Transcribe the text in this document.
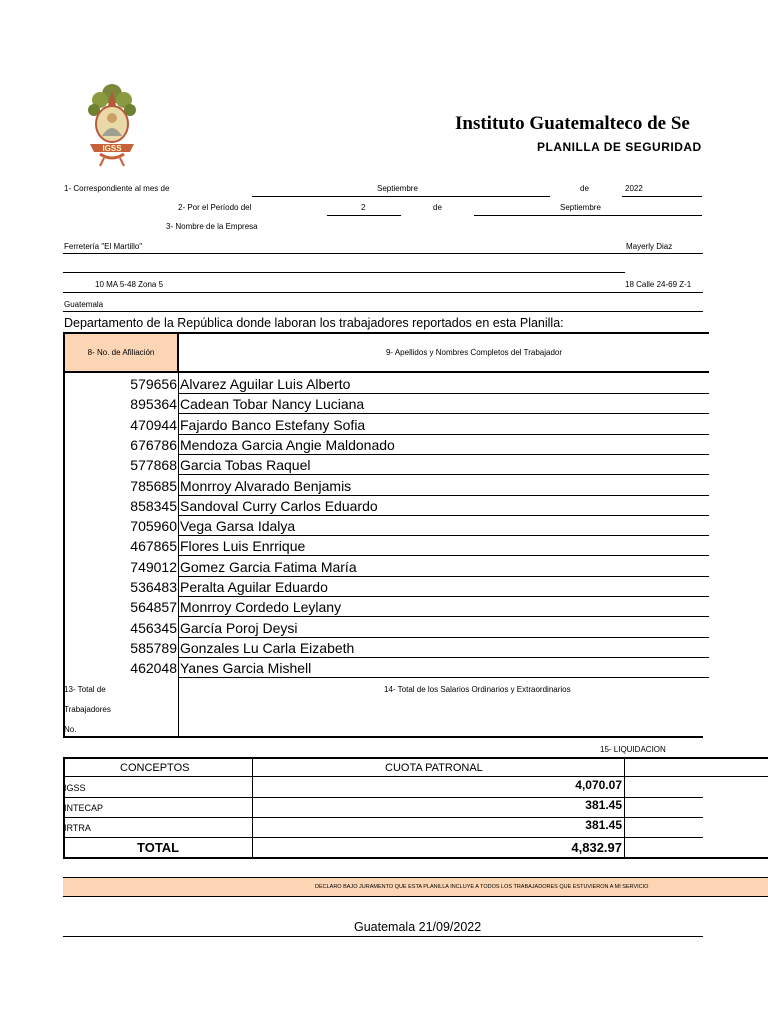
IGSS
Instituto Guatemalteco de Se
PLANILLA DE SEGURIDAD
1- Correspondiente al mes de	Septiembre	de	2022
2- Por el Período del	2	de	Septiembre
3- Nombre de la Empresa
Ferretería "El Martillo"	Mayerly Diaz
10 MA 5-48 Zona 5	18 Calle 24-69 Z-1
Guatemala
Departamento de la República donde laboran los trabajadores reportados en esta Planilla:
8- No. de Afiliación	9- Apellidos y Nombres Completos del Trabajador
579656 Alvarez Aguilar Luis Alberto
895364 Cadean Tobar Nancy Luciana
470944 Fajardo Banco Estefany Sofia
676786 Mendoza Garcia Angie Maldonado
577868 Garcia Tobas Raquel
785685 Monrroy Alvarado Benjamis
858345 Sandoval Curry Carlos Eduardo
705960 Vega Garsa Idalya
467865 Flores Luis Enrrique
749012 Gomez Garcia Fatima María
536483 Peralta Aguilar Eduardo
564857 Monrroy Cordedo Leylany
456345 García Poroj Deysi
585789 Gonzales Lu Carla Eizabeth
462048 Yanes Garcia Mishell
13- Total de
Trabajadores
No.
14- Total de los Salarios Ordinarios y Extraordinarios
15- LIQUIDACION
CONCEPTOS	CUOTA PATRONAL
IGSS	4,070.07
INTECAP	381.45
IRTRA	381.45
TOTAL	4,832.97
DECLARO BAJO JURAMENTO QUE ESTA PLANILLA INCLUYE A TODOS LOS TRABAJADORES QUE ESTUVIERON A MI SERVICIO
Guatemala 21/09/2022
